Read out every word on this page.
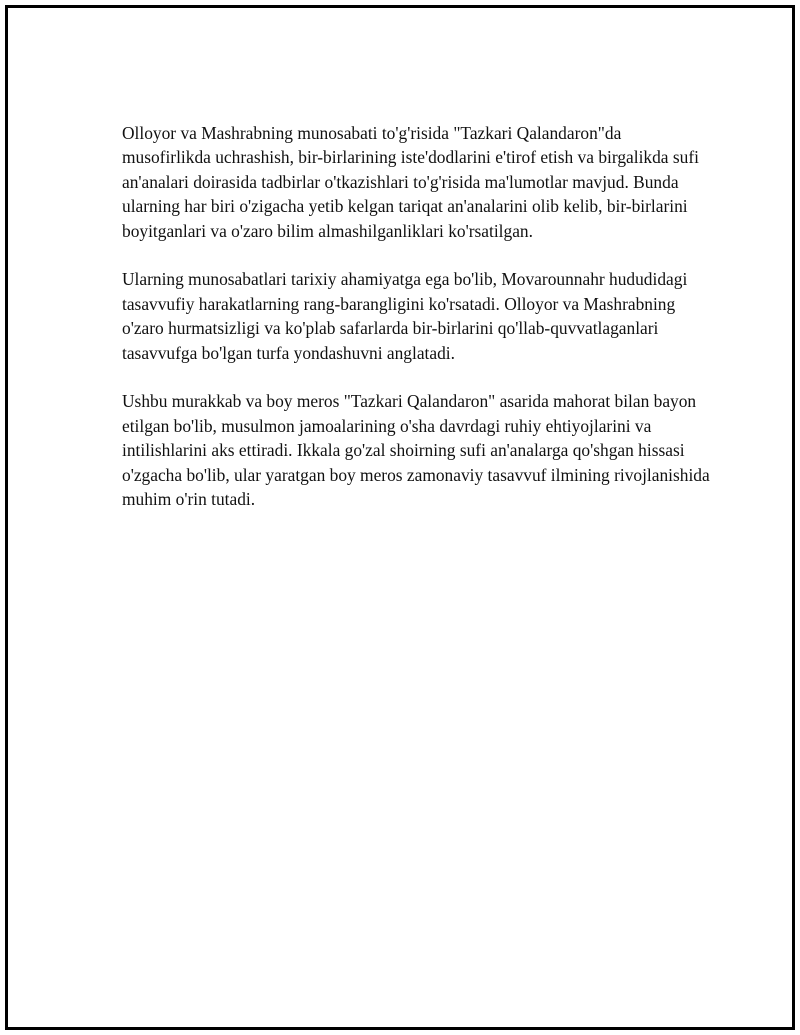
Olloyor va Mashrabning munosabati to'g'risida "Tazkari Qalandaron"da musofirlikda uchrashish, bir-birlarining iste'dodlarini e'tirof etish va birgalikda sufi an'analari doirasida tadbirlar o'tkazishlari to'g'risida ma'lumotlar mavjud. Bunda ularning har biri o'zigacha yetib kelgan tariqat an'analarini olib kelib, bir-birlarini boyitganlari va o'zaro bilim almashilganliklari ko'rsatilgan.

Ularning munosabatlari tarixiy ahamiyatga ega bo'lib, Movarounnahr hududidagi tasavvufiy harakatlarning rang-barangligini ko'rsatadi. Olloyor va Mashrabning o'zaro hurmatsizligi va ko'plab safarlarda bir-birlarini qo'llab-quvvatlaganlari tasavvufga bo'lgan turfa yondashuvni anglatadi.

Ushbu murakkab va boy meros "Tazkari Qalandaron" asarida mahorat bilan bayon etilgan bo'lib, musulmon jamoalarining o'sha davrdagi ruhiy ehtiyojlarini va intilishlarini aks ettiradi. Ikkala go'zal shoirning sufi an'analarga qo'shgan hissasi o'zgacha bo'lib, ular yaratgan boy meros zamonaviy tasavvuf ilmining rivojlanishida muhim o'rin tutadi.
